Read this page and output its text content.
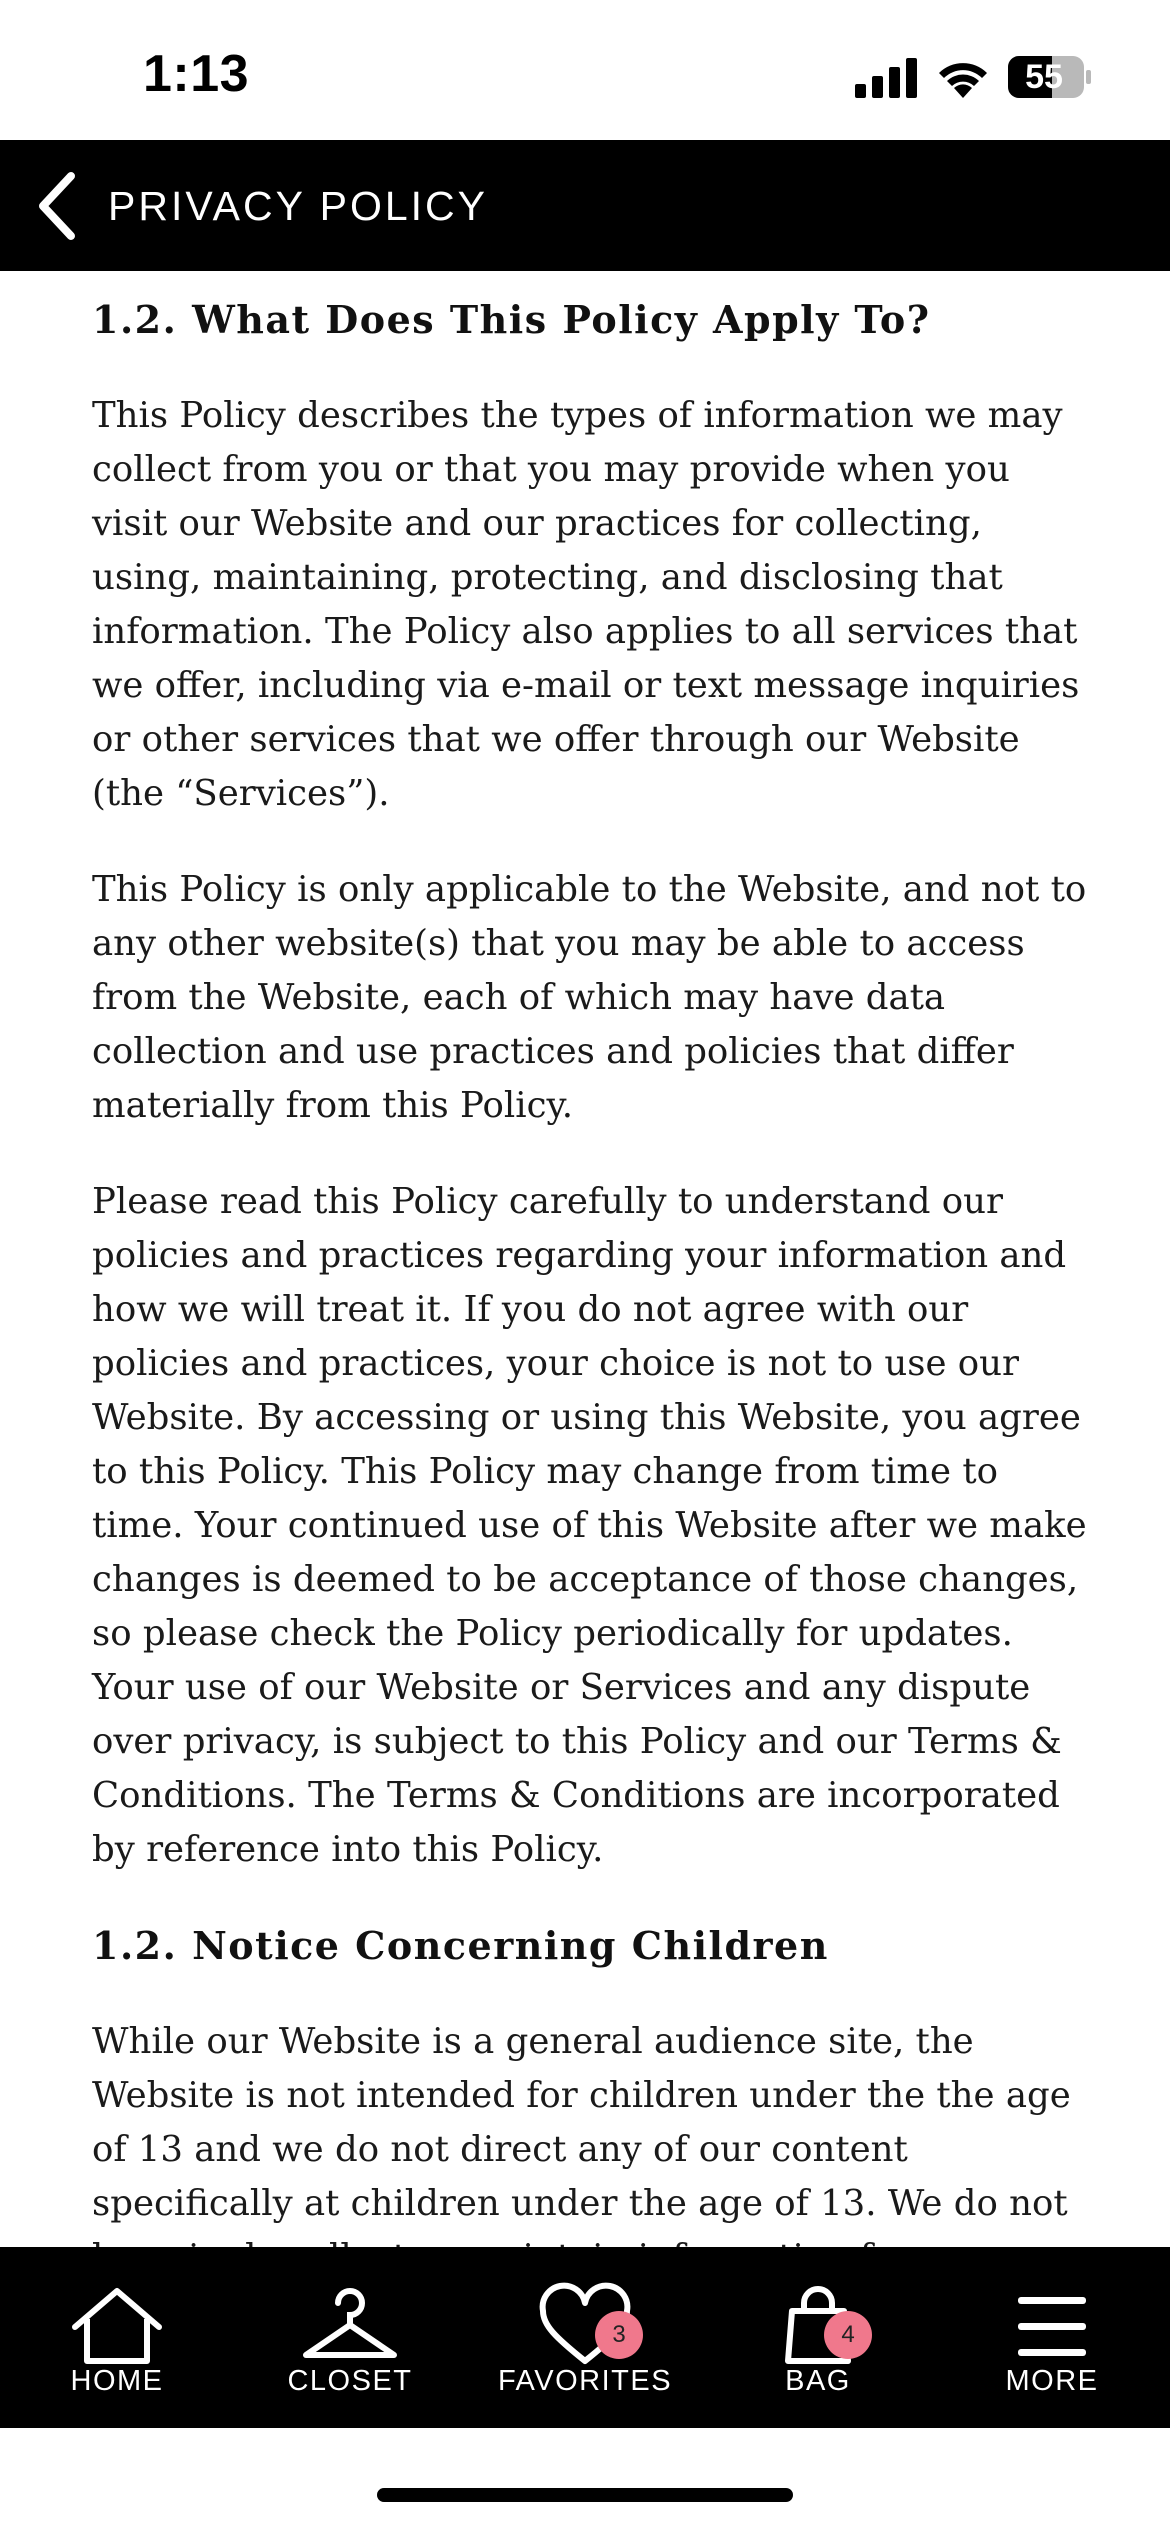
1:13	55
PRIVACY POLICY
1.2. What Does This Policy Apply To?

This Policy describes the types of information we may collect from you or that you may provide when you visit our Website and our practices for collecting, using, maintaining, protecting, and disclosing that information. The Policy also applies to all services that we offer, including via e-mail or text message inquiries or other services that we offer through our Website (the “Services”).

This Policy is only applicable to the Website, and not to any other website(s) that you may be able to access from the Website, each of which may have data collection and use practices and policies that differ materially from this Policy.

Please read this Policy carefully to understand our policies and practices regarding your information and how we will treat it. If you do not agree with our policies and practices, your choice is not to use our Website. By accessing or using this Website, you agree to this Policy. This Policy may change from time to time. Your continued use of this Website after we make changes is deemed to be acceptance of those changes, so please check the Policy periodically for updates. Your use of our Website or Services and any dispute over privacy, is subject to this Policy and our Terms & Conditions. The Terms & Conditions are incorporated by reference into this Policy.

1.2. Notice Concerning Children

While our Website is a general audience site, the Website is not intended for children under the the age of 13 and we do not direct any of our content specifically at children under the age of 13. We do not

HOME	CLOSET
3
FAVORITES
4
BAG	MORE
